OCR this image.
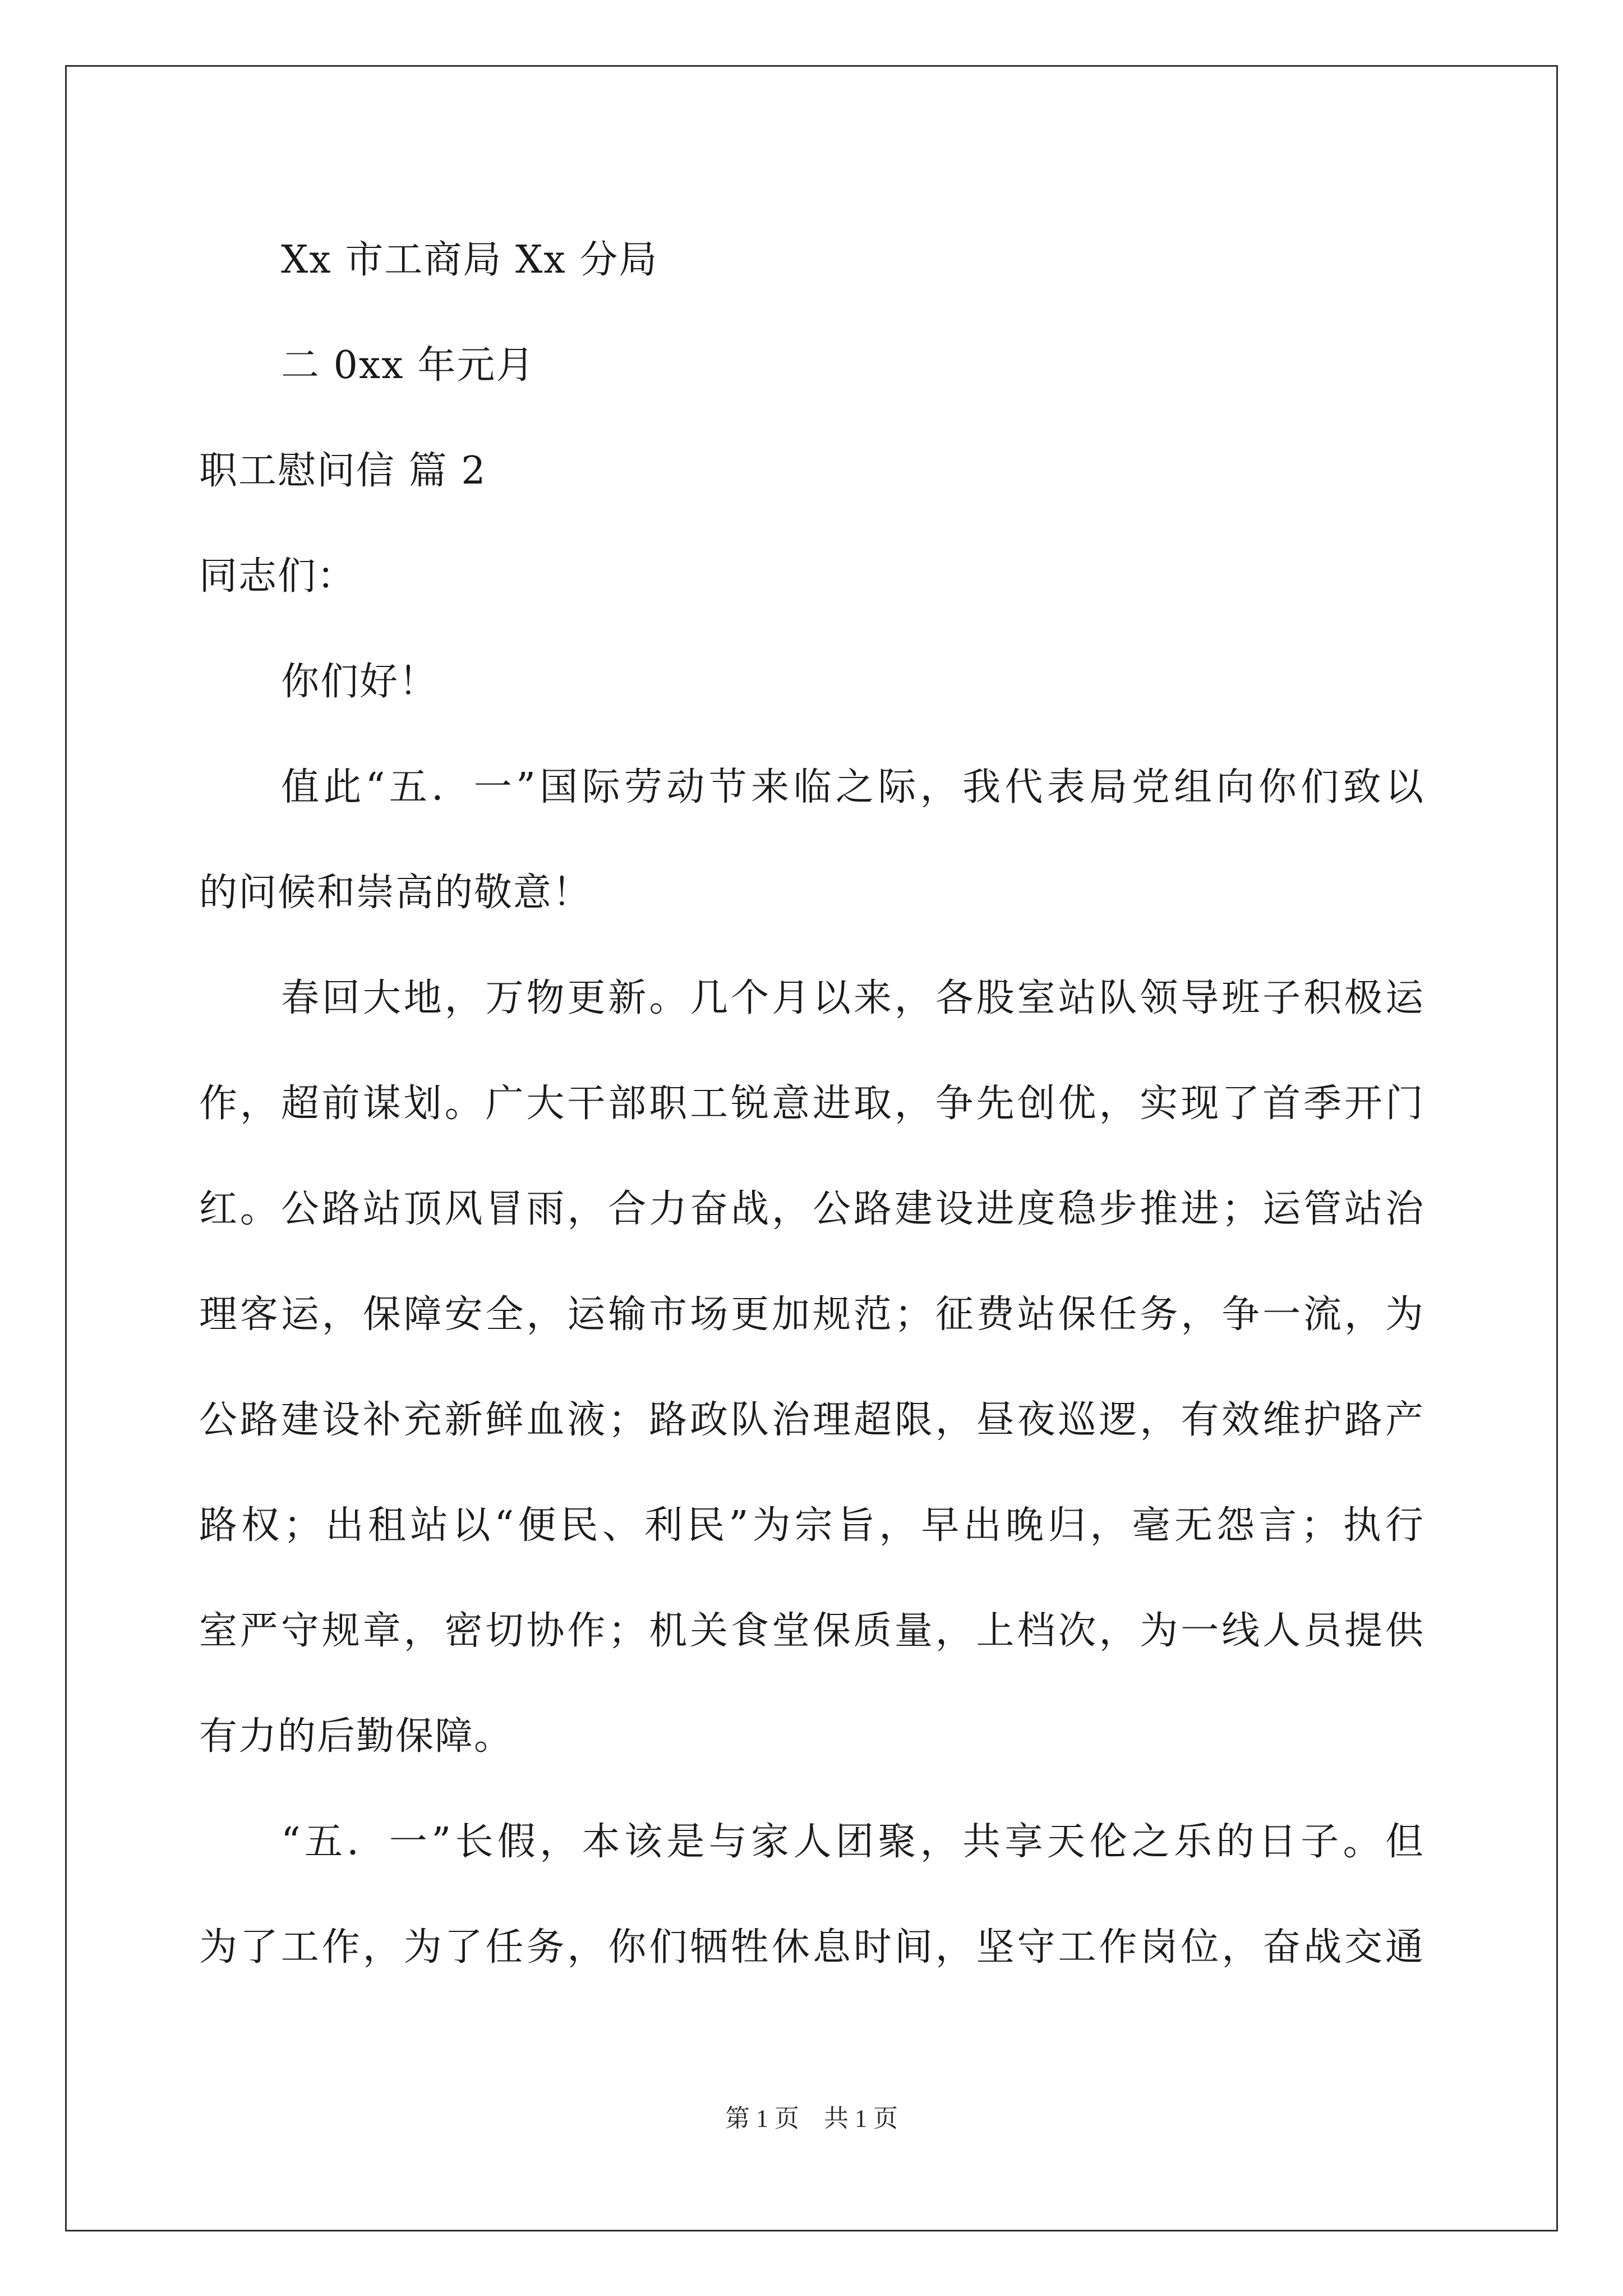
Xx 市工商局 Xx 分局
二 0xx 年元月
职工慰问信 篇 2
同志们：
你们好！
值此“五．一”国际劳动节来临之际，我代表局党组向你们致以
的问候和崇高的敬意！
春回大地，万物更新。几个月以来，各股室站队领导班子积极运
作，超前谋划。广大干部职工锐意进取，争先创优，实现了首季开门
红。公路站顶风冒雨，合力奋战，公路建设进度稳步推进；运管站治
理客运，保障安全，运输市场更加规范；征费站保任务，争一流，为
公路建设补充新鲜血液；路政队治理超限，昼夜巡逻，有效维护路产
路权；出租站以“便民、利民”为宗旨，早出晚归，毫无怨言；执行
室严守规章，密切协作；机关食堂保质量，上档次，为一线人员提供
有力的后勤保障。
“五．一”长假，本该是与家人团聚，共享天伦之乐的日子。但
为了工作，为了任务，你们牺牲休息时间，坚守工作岗位，奋战交通
第 1 页　共 1 页
